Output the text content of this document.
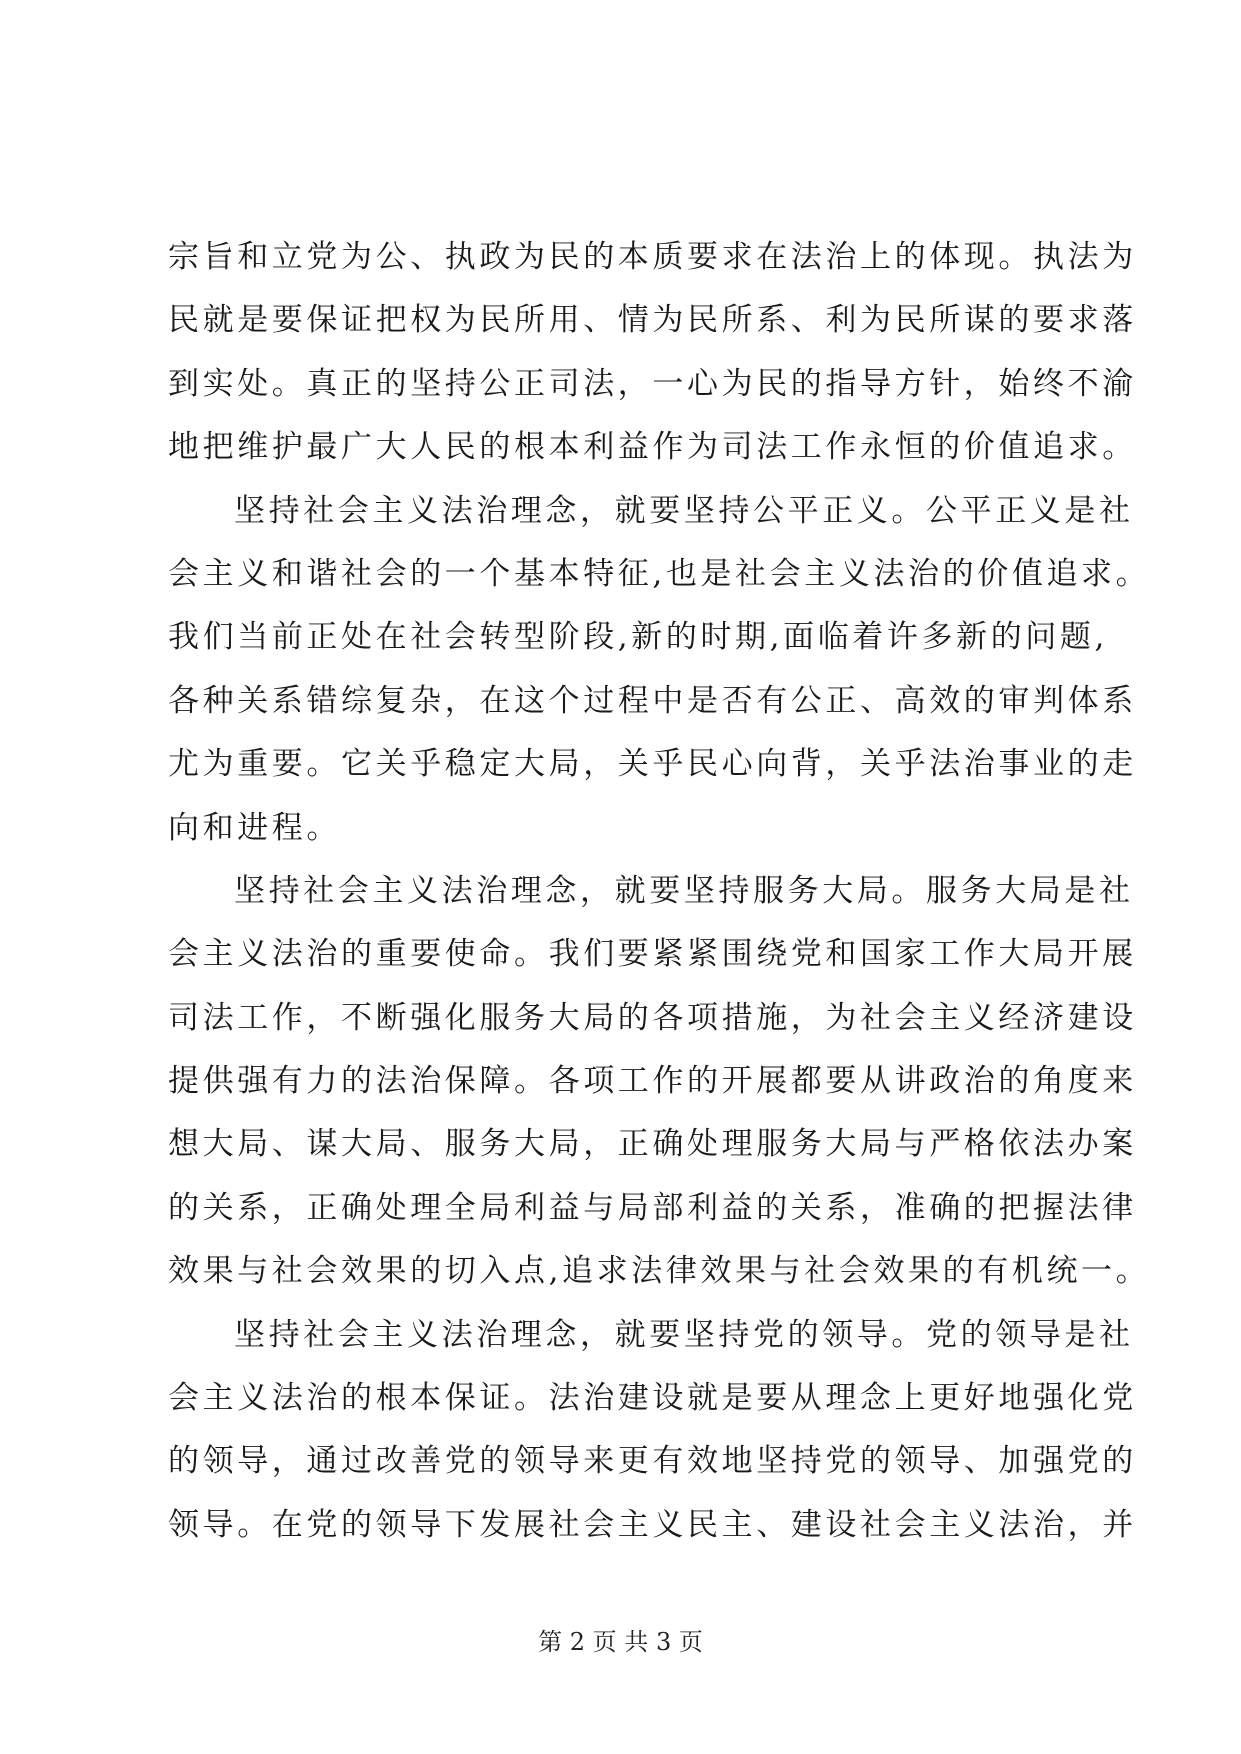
宗旨和立党为公、执政为民的本质要求在法治上的体现。执法为
民就是要保证把权为民所用、情为民所系、利为民所谋的要求落
到实处。真正的坚持公正司法，一心为民的指导方针，始终不渝
地把维护最广大人民的根本利益作为司法工作永恒的价值追求。
坚持社会主义法治理念，就要坚持公平正义。公平正义是社
会主义和谐社会的一个基本特征,也是社会主义法治的价值追求。
我们当前正处在社会转型阶段,新的时期,面临着许多新的问题,
各种关系错综复杂，在这个过程中是否有公正、高效的审判体系
尤为重要。它关乎稳定大局，关乎民心向背，关乎法治事业的走
向和进程。
坚持社会主义法治理念，就要坚持服务大局。服务大局是社
会主义法治的重要使命。我们要紧紧围绕党和国家工作大局开展
司法工作，不断强化服务大局的各项措施，为社会主义经济建设
提供强有力的法治保障。各项工作的开展都要从讲政治的角度来
想大局、谋大局、服务大局，正确处理服务大局与严格依法办案
的关系，正确处理全局利益与局部利益的关系，准确的把握法律
效果与社会效果的切入点,追求法律效果与社会效果的有机统一。
坚持社会主义法治理念，就要坚持党的领导。党的领导是社
会主义法治的根本保证。法治建设就是要从理念上更好地强化党
的领导，通过改善党的领导来更有效地坚持党的领导、加强党的
领导。在党的领导下发展社会主义民主、建设社会主义法治，并
第 2 页 共 3 页
